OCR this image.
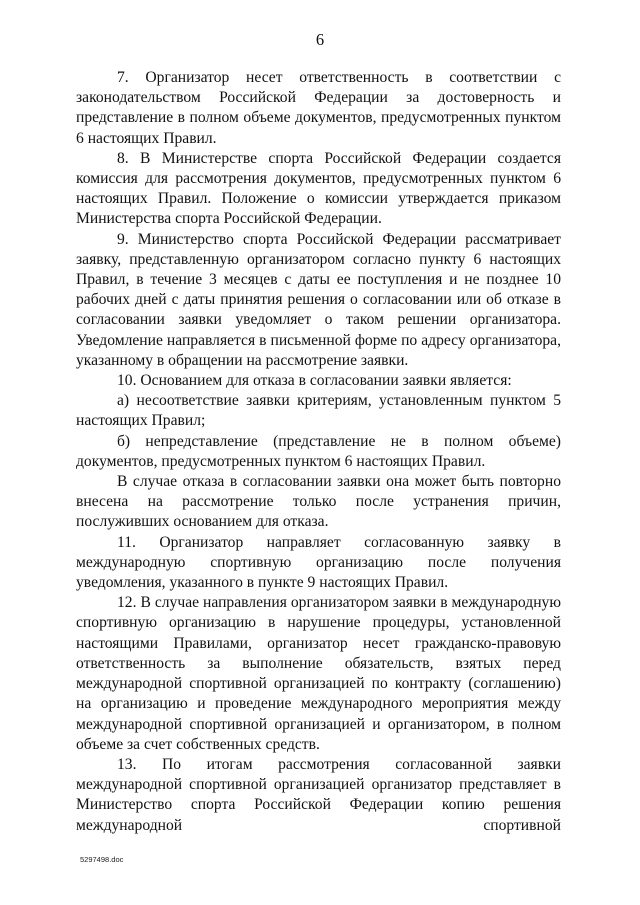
6

7. Организатор несет ответственность в соответствии с законодательством Российской Федерации за достоверность и представление в полном объеме документов, предусмотренных пунктом 6 настоящих Правил.

8. В Министерстве спорта Российской Федерации создается комиссия для рассмотрения документов, предусмотренных пунктом 6 настоящих Правил. Положение о комиссии утверждается приказом Министерства спорта Российской Федерации.

9. Министерство спорта Российской Федерации рассматривает заявку, представленную организатором согласно пункту 6 настоящих Правил, в течение 3 месяцев с даты ее поступления и не позднее 10 рабочих дней с даты принятия решения о согласовании или об отказе в согласовании заявки уведомляет о таком решении организатора. Уведомление направляется в письменной форме по адресу организатора, указанному в обращении на рассмотрение заявки.

10. Основанием для отказа в согласовании заявки является:

а) несоответствие заявки критериям, установленным пунктом 5 настоящих Правил;

б) непредставление (представление не в полном объеме) документов, предусмотренных пунктом 6 настоящих Правил.

В случае отказа в согласовании заявки она может быть повторно внесена на рассмотрение только после устранения причин, послуживших основанием для отказа.

11. Организатор направляет согласованную заявку в международную спортивную организацию после получения уведомления, указанного в пункте 9 настоящих Правил.

12. В случае направления организатором заявки в международную спортивную организацию в нарушение процедуры, установленной настоящими Правилами, организатор несет гражданско-правовую ответственность за выполнение обязательств, взятых перед международной спортивной организацией по контракту (соглашению) на организацию и проведение международного мероприятия между международной спортивной организацией и организатором, в полном объеме за счет собственных средств.

13. По итогам рассмотрения согласованной заявки международной спортивной организацией организатор представляет в Министерство спорта Российской Федерации копию решения международной спортивной

5297498.doc
